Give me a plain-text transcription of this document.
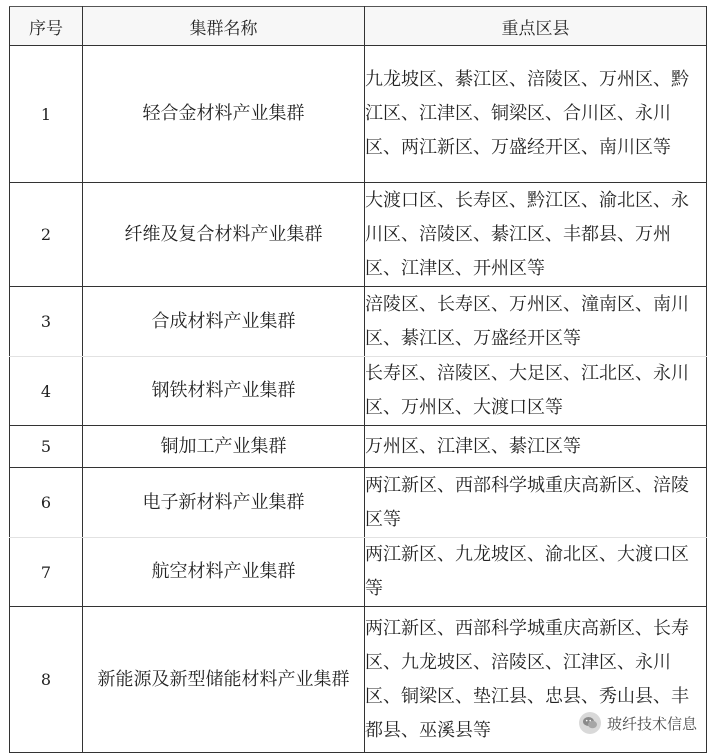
序号	集群名称	重点区县
1	轻合金材料产业集群	九龙坡区、綦江区、涪陵区、万州区、黔江区、江津区、铜梁区、合川区、永川区、两江新区、万盛经开区、南川区等
2	纤维及复合材料产业集群	大渡口区、长寿区、黔江区、渝北区、永川区、涪陵区、綦江区、丰都县、万州区、江津区、开州区等
3	合成材料产业集群	涪陵区、长寿区、万州区、潼南区、南川区、綦江区、万盛经开区等
4	钢铁材料产业集群	长寿区、涪陵区、大足区、江北区、永川区、万州区、大渡口区等
5	铜加工产业集群	万州区、江津区、綦江区等
6	电子新材料产业集群	两江新区、西部科学城重庆高新区、涪陵区等
7	航空材料产业集群	两江新区、九龙坡区、渝北区、大渡口区等
8	新能源及新型储能材料产业集群	两江新区、西部科学城重庆高新区、长寿区、九龙坡区、涪陵区、江津区、永川区、铜梁区、垫江县、忠县、秀山县、丰都县、巫溪县等	玻纤技术信息
